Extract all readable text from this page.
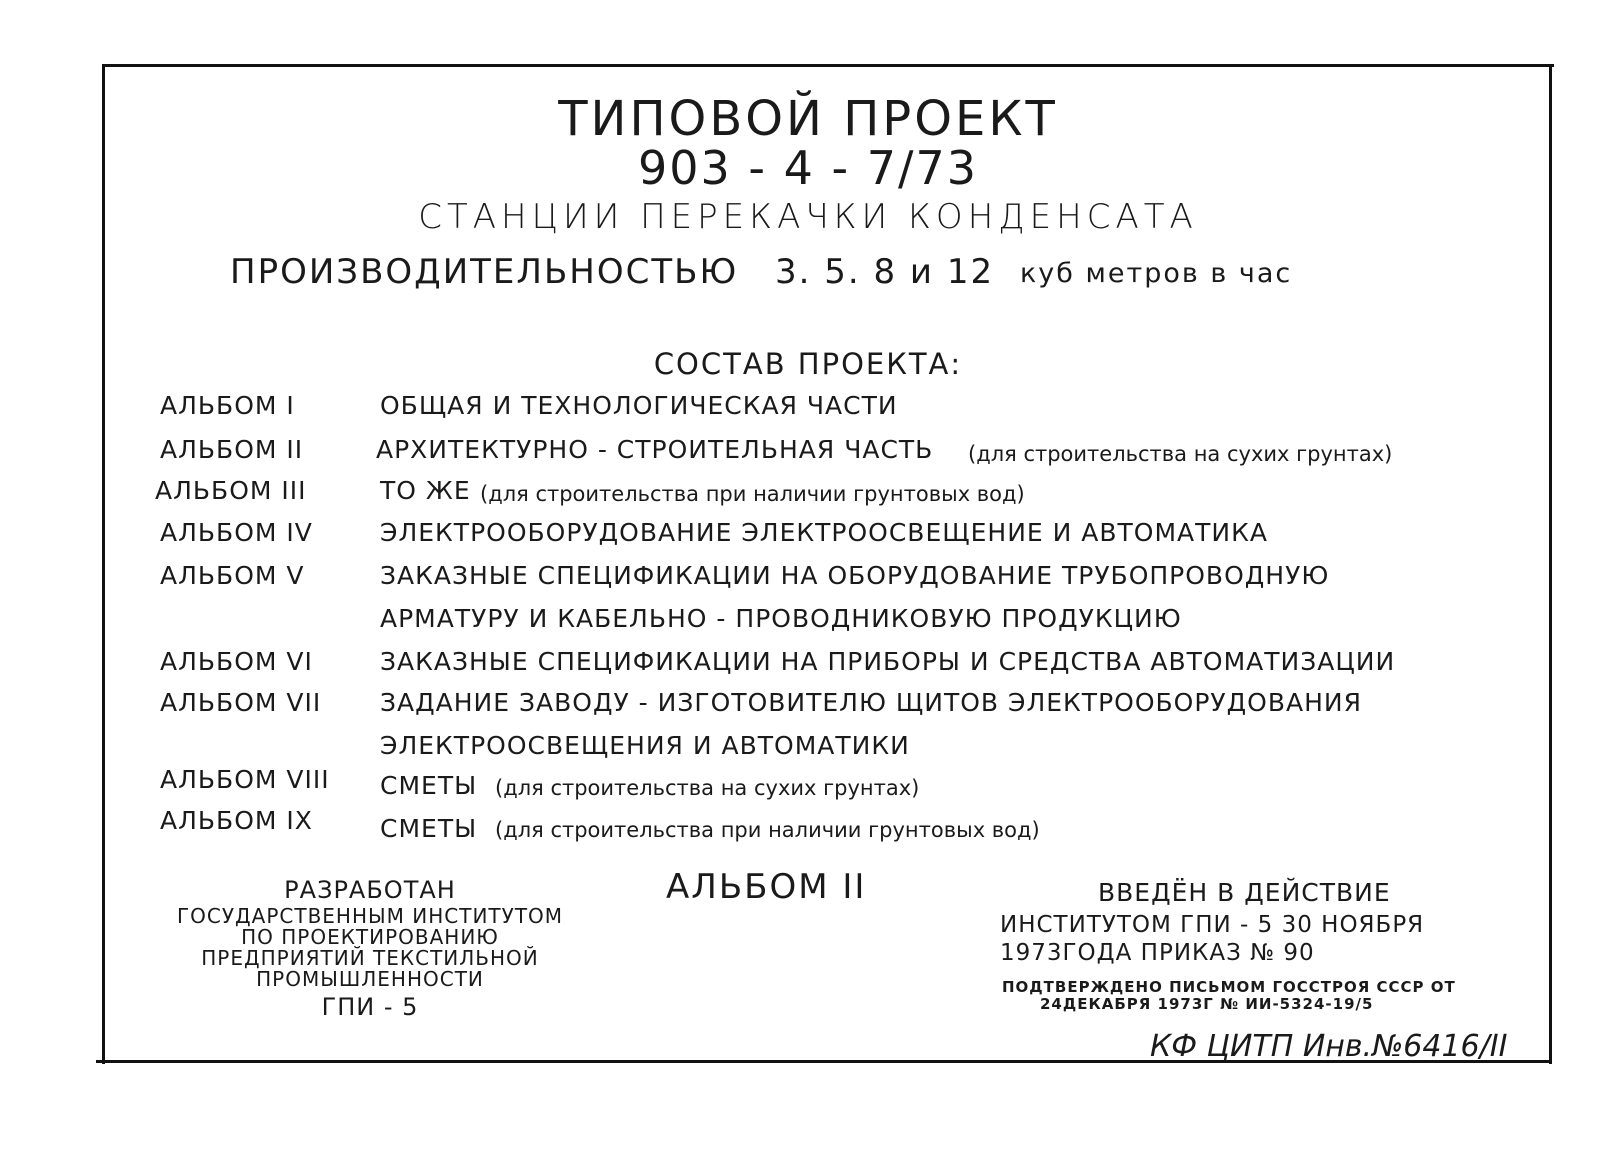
ТИПОВОЙ ПРОЕКТ
903 - 4 - 7/73
СТАНЦИИ ПЕРЕКАЧКИ КОНДЕНСАТА
ПРОИЗВОДИТЕЛЬНОСТЬЮ 3. 5. 8 и 12 куб метров в час
СОСТАВ ПРОЕКТА:
АЛЬБОМ I	ОБЩАЯ И ТЕХНОЛОГИЧЕСКАЯ ЧАСТИ
АЛЬБОМ II	АРХИТЕКТУРНО - СТРОИТЕЛЬНАЯ ЧАСТЬ (для строительства на сухих грунтах)
АЛЬБОМ III	ТО ЖЕ (для строительства при наличии грунтовых вод)
АЛЬБОМ IV	ЭЛЕКТРООБОРУДОВАНИЕ ЭЛЕКТРООСВЕЩЕНИЕ И АВТОМАТИКА
АЛЬБОМ V	ЗАКАЗНЫЕ СПЕЦИФИКАЦИИ НА ОБОРУДОВАНИЕ ТРУБОПРОВОДНУЮ
АРМАТУРУ И КАБЕЛЬНО - ПРОВОДНИКОВУЮ ПРОДУКЦИЮ
АЛЬБОМ VI	ЗАКАЗНЫЕ СПЕЦИФИКАЦИИ НА ПРИБОРЫ И СРЕДСТВА АВТОМАТИЗАЦИИ
АЛЬБОМ VII ЗАДАНИЕ ЗАВОДУ - ИЗГОТОВИТЕЛЮ ЩИТОВ ЭЛЕКТРООБОРУДОВАНИЯ
ЭЛЕКТРООСВЕЩЕНИЯ И АВТОМАТИКИ
АЛЬБОМ VIII СМЕТЫ (для строительства на сухих грунтах)
АЛЬБОМ IX	СМЕТЫ (для строительства при наличии грунтовых вод)
РАЗРАБОТАН
ГОСУДАРСТВЕННЫМ ИНСТИТУТОМ
ПО ПРОЕКТИРОВАНИЮ
ПРЕДПРИЯТИЙ ТЕКСТИЛЬНОЙ
ПРОМЫШЛЕННОСТИ
ГПИ - 5
АЛЬБОМ II	ВВЕДЁН В ДЕЙСТВИЕ
ИНСТИТУТОМ ГПИ - 5 30 НОЯБРЯ
1973ГОДА ПРИКАЗ № 90
ПОДТВЕРЖДЕНО ПИСЬМОМ ГОССТРОЯ СССР ОТ
24ДЕКАБРЯ 1973Г № ИИ-5324-19/5
КФ ЦИТП Инв.№6416/II
